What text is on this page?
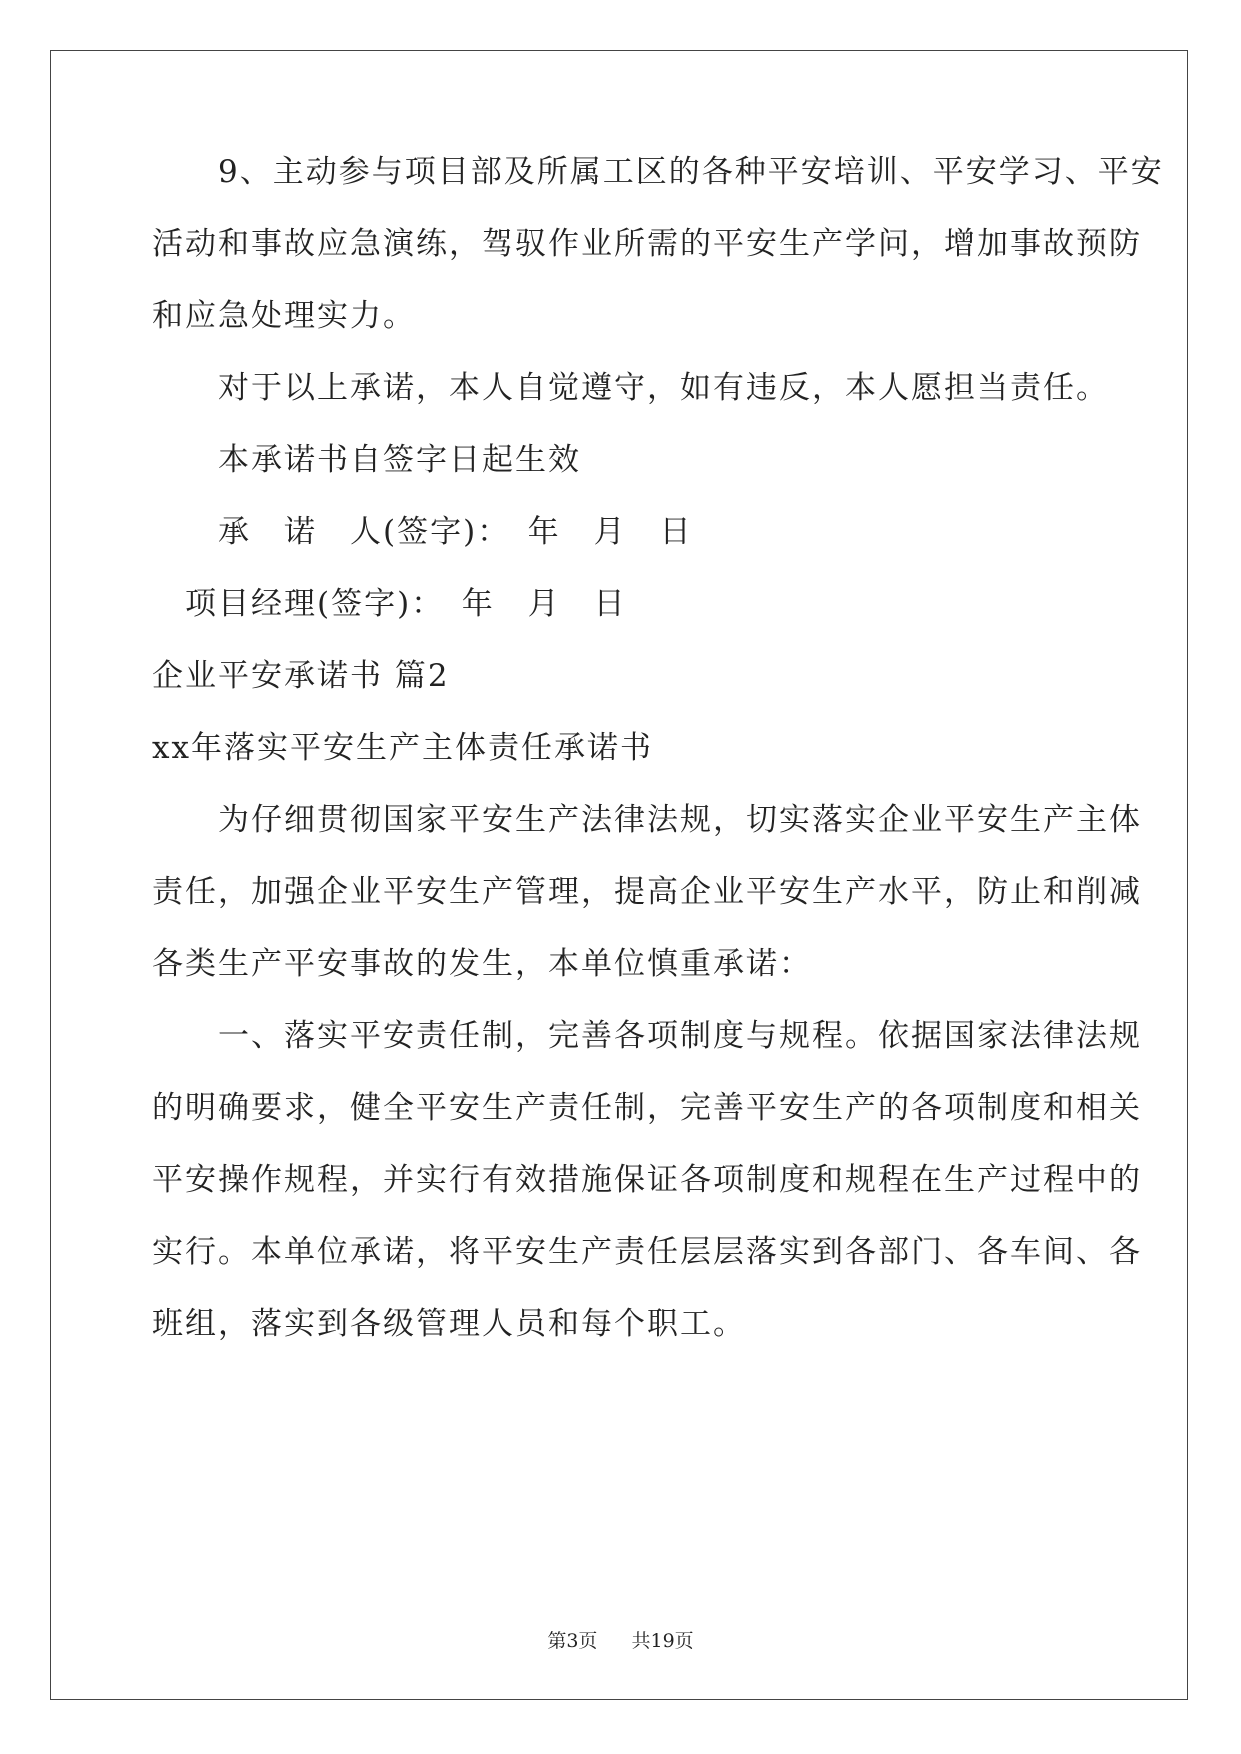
　　9、主动参与项目部及所属工区的各种平安培训、平安学习、平安
活动和事故应急演练，驾驭作业所需的平安生产学问，增加事故预防
和应急处理实力。
　　对于以上承诺，本人自觉遵守，如有违反，本人愿担当责任。
　　本承诺书自签字日起生效
　　承　诺　人(签字)：　年　月　日
　项目经理(签字)：　年　月　日
企业平安承诺书 篇2
xx年落实平安生产主体责任承诺书
　　为仔细贯彻国家平安生产法律法规，切实落实企业平安生产主体
责任，加强企业平安生产管理，提高企业平安生产水平，防止和削减
各类生产平安事故的发生，本单位慎重承诺：
　　一、落实平安责任制，完善各项制度与规程。依据国家法律法规
的明确要求，健全平安生产责任制，完善平安生产的各项制度和相关
平安操作规程，并实行有效措施保证各项制度和规程在生产过程中的
实行。本单位承诺，将平安生产责任层层落实到各部门、各车间、各
班组，落实到各级管理人员和每个职工。
第3页 共19页
